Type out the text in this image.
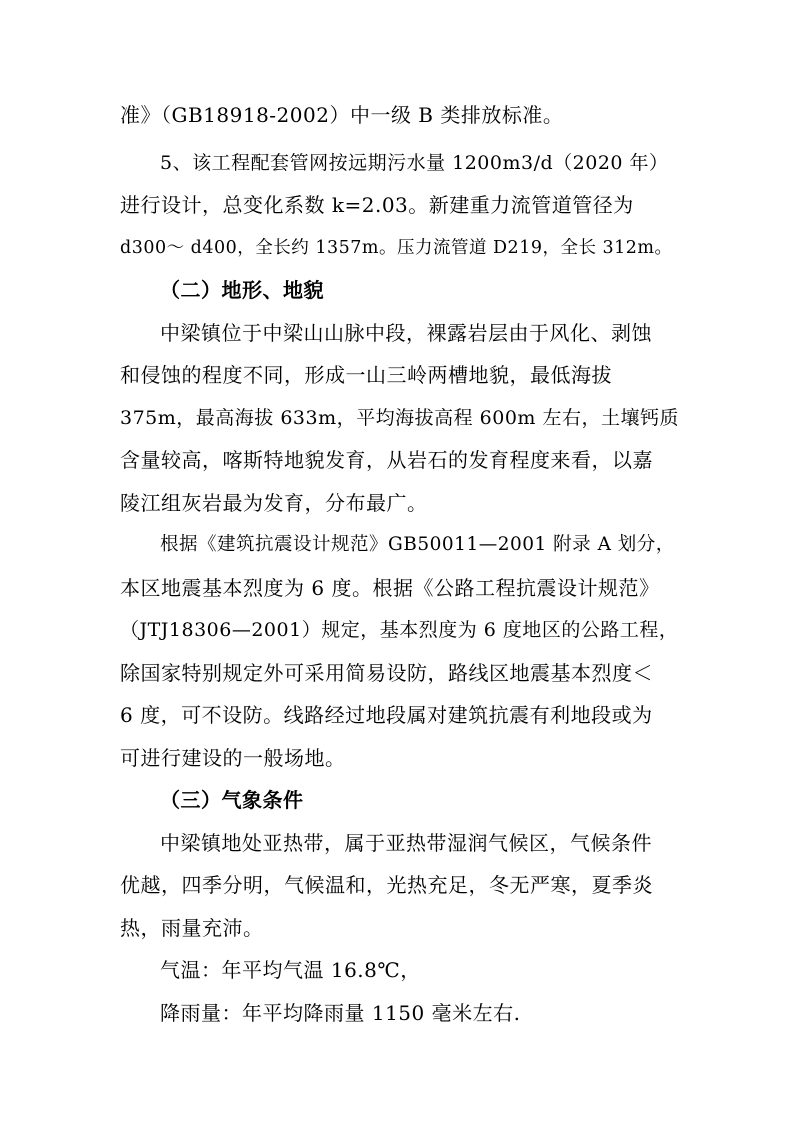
准》（GB18918-2002）中一级 B 类排放标准。
5、该工程配套管网按远期污水量 1200m3/d（2020 年）
进行设计，总变化系数 k=2.03。新建重力流管道管径为
d300～ d400，全长约 1357m。压力流管道 D219，全长 312m。
（二）地形、地貌
中梁镇位于中梁山山脉中段，裸露岩层由于风化、剥蚀
和侵蚀的程度不同，形成一山三岭两槽地貌，最低海拔
375m，最高海拔 633m，平均海拔高程 600m 左右，土壤钙质
含量较高，喀斯特地貌发育，从岩石的发育程度来看，以嘉
陵江组灰岩最为发育，分布最广。
根据《建筑抗震设计规范》GB50011—2001 附录 A 划分，
本区地震基本烈度为 6 度。根据《公路工程抗震设计规范》
（JTJ18306—2001）规定，基本烈度为 6 度地区的公路工程，
除国家特别规定外可采用简易设防，路线区地震基本烈度＜
6 度，可不设防。线路经过地段属对建筑抗震有利地段或为
可进行建设的一般场地。
（三）气象条件
中梁镇地处亚热带，属于亚热带湿润气候区，气候条件
优越，四季分明，气候温和，光热充足，冬无严寒，夏季炎
热，雨量充沛。
气温：年平均气温 16.8℃，
降雨量：年平均降雨量 1150 毫米左右.
